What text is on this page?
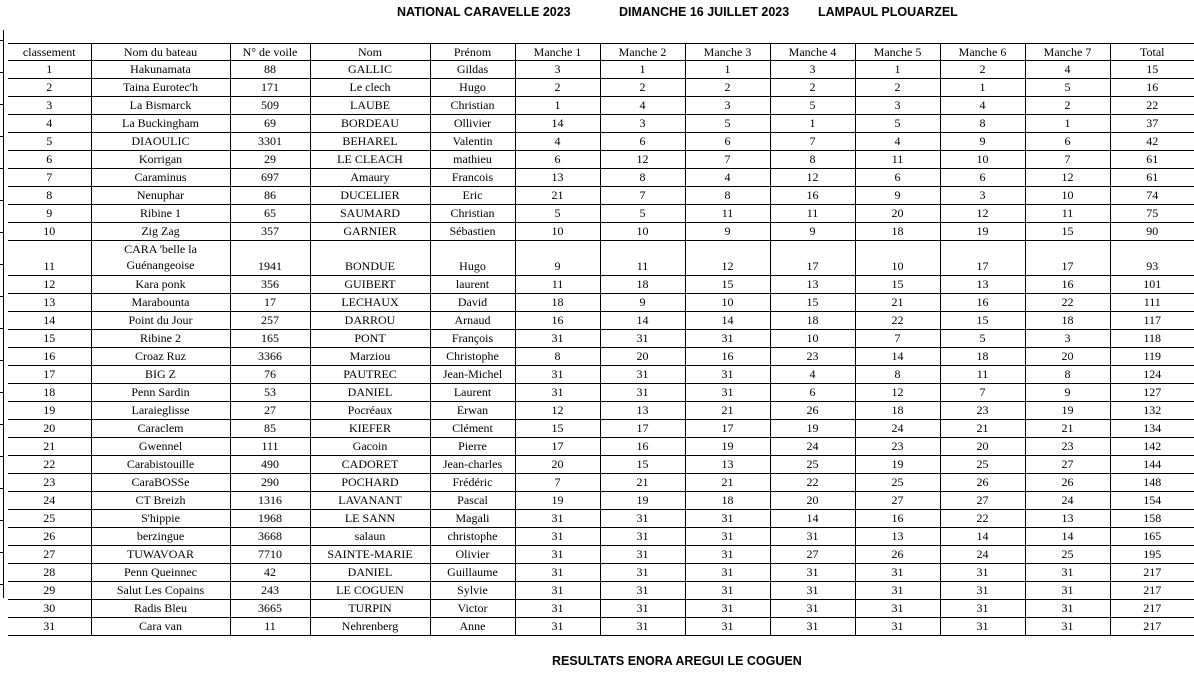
NATIONAL CARAVELLE 2023	DIMANCHE 16 JUILLET 2023 LAMPAUL PLOUARZEL
classement	Nom du bateau	N° de voile	Nom	Prénom	Manche 1	Manche 2	Manche 3	Manche 4	Manche 5	Manche 6	Manche 7	Total
1	Hakunamata	88	GALLIC	Gildas	3	1	1	3	1	2	4	15
2	Taina Eurotec'h	171	Le clech	Hugo	2	2	2	2	2	1	5	16
3	La Bismarck	509	LAUBE	Christian	1	4	3	5	3	4	2	22
4	La Buckingham	69	BORDEAU	Ollivier	14	3	5	1	5	8	1	37
5	DIAOULIC	3301	BEHAREL	Valentin	4	6	6	7	4	9	6	42
6	Korrigan	29	LE CLEACH	mathieu	6	12	7	8	11	10	7	61
7	Caraminus	697	Amaury	Francois	13	8	4	12	6	6	12	61
8	Nenuphar	86	DUCELIER	Eric	21	7	8	16	9	3	10	74
9	Ribine 1	65	SAUMARD	Christian	5	5	11	11	20	12	11	75
10	Zig Zag	357	GARNIER	Sébastien	10	10	9	9	18	19	15	90
11	CARA 'belle la Guénangeoise	1941	BONDUE	Hugo	9	11	12	17	10	17	17	93
12	Kara ponk	356	GUIBERT	laurent	11	18	15	13	15	13	16	101
13	Marabounta	17	LECHAUX	David	18	9	10	15	21	16	22	111
14	Point du Jour	257	DARROU	Arnaud	16	14	14	18	22	15	18	117
15	Ribine 2	165	PONT	François	31	31	31	10	7	5	3	118
16	Croaz Ruz	3366	Marziou	Christophe	8	20	16	23	14	18	20	119
17	BIG Z	76	PAUTREC	Jean-Michel	31	31	31	4	8	11	8	124
18	Penn Sardin	53	DANIEL	Laurent	31	31	31	6	12	7	9	127
19	Laraieglisse	27	Pocréaux	Erwan	12	13	21	26	18	23	19	132
20	Caraclem	85	KIEFER	Clément	15	17	17	19	24	21	21	134
21	Gwennel	111	Gacoin	Pierre	17	16	19	24	23	20	23	142
22	Carabistouille	490	CADORET	Jean-charles	20	15	13	25	19	25	27	144
23	CaraBOSSe	290	POCHARD	Frédéric	7	21	21	22	25	26	26	148
24	CT Breizh	1316	LAVANANT	Pascal	19	19	18	20	27	27	24	154
25	S'hippie	1968	LE SANN	Magali	31	31	31	14	16	22	13	158
26	berzingue	3668	salaun	christophe	31	31	31	31	13	14	14	165
27	TUWAVOAR	7710	SAINTE-MARIE	Olivier	31	31	31	27	26	24	25	195
28	Penn Queinnec	42	DANIEL	Guillaume	31	31	31	31	31	31	31	217
29	Salut Les Copains	243	LE COGUEN	Sylvie	31	31	31	31	31	31	31	217
30	Radis Bleu	3665	TURPIN	Victor	31	31	31	31	31	31	31	217
31	Cara van	11	Nehrenberg	Anne	31	31	31	31	31	31	31	217
RESULTATS ENORA AREGUI LE COGUEN
